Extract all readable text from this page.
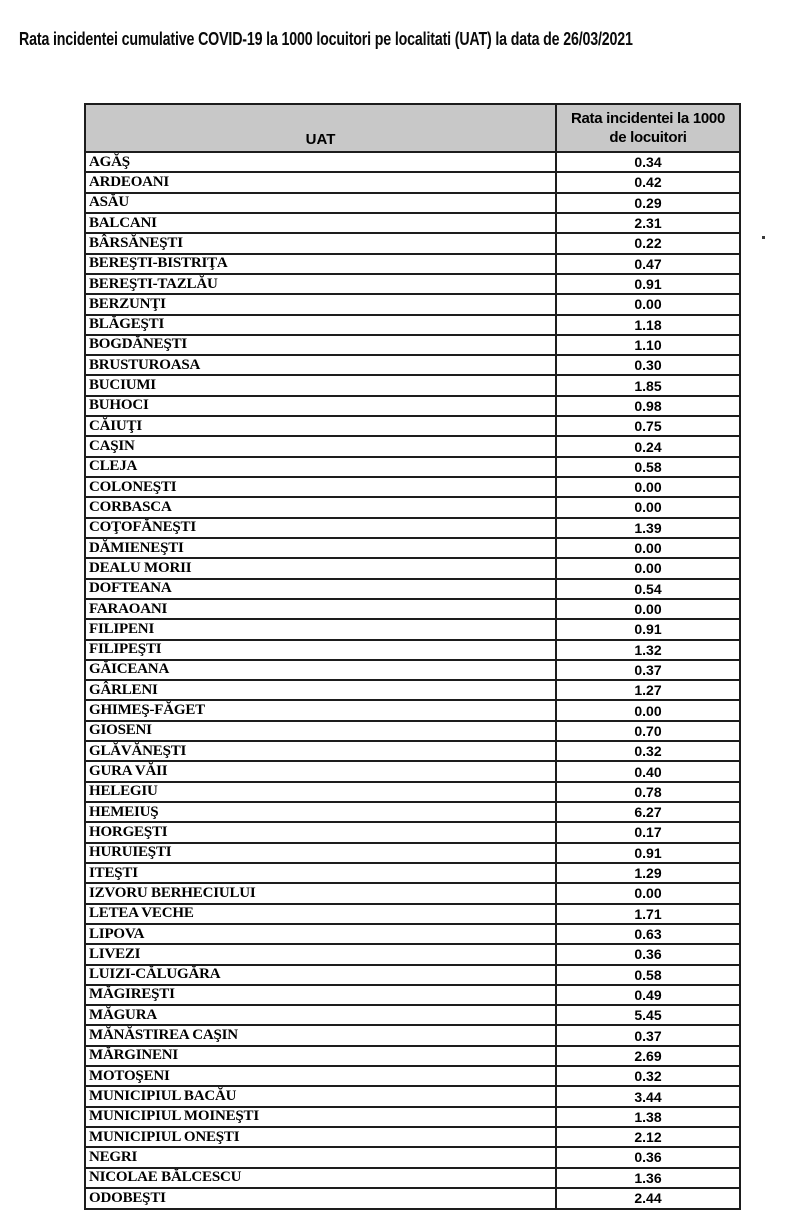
Rata incidentei cumulative COVID-19 la 1000 locuitori pe localitati (UAT) la data de 26/03/2021
UAT	Rata incidentei la 1000
de locuitori

AGĂŞ	0.34
ARDEOANI	0.42
ASĂU	0.29
BALCANI	2.31
BÂRSĂNEŞTI	0.22
BEREŞTI-BISTRIŢA	0.47
BEREŞTI-TAZLĂU	0.91
BERZUNŢI	0.00
BLĂGEŞTI	1.18
BOGDĂNEŞTI	1.10
BRUSTUROASA	0.30
BUCIUMI	1.85
BUHOCI	0.98
CĂIUŢI	0.75
CAŞIN	0.24
CLEJA	0.58
COLONEŞTI	0.00
CORBASCA	0.00
COŢOFĂNEŞTI	1.39
DĂMIENEŞTI	0.00
DEALU MORII	0.00
DOFTEANA	0.54
FARAOANI	0.00
FILIPENI	0.91
FILIPEŞTI	1.32
GĂICEANA	0.37
GÂRLENI	1.27
GHIMEŞ-FĂGET	0.00
GIOSENI	0.70
GLĂVĂNEŞTI	0.32
GURA VĂII	0.40
HELEGIU	0.78
HEMEIUŞ	6.27
HORGEŞTI	0.17
HURUIEŞTI	0.91
ITEŞTI	1.29
IZVORU BERHECIULUI	0.00
LETEA VECHE	1.71
LIPOVA	0.63
LIVEZI	0.36
LUIZI-CĂLUGĂRA	0.58
MĂGIREŞTI	0.49
MĂGURA	5.45
MĂNĂSTIREA CAŞIN	0.37
MĂRGINENI	2.69
MOTOŞENI	0.32
MUNICIPIUL BACĂU	3.44
MUNICIPIUL MOINEŞTI	1.38
MUNICIPIUL ONEŞTI	2.12
NEGRI	0.36
NICOLAE BĂLCESCU	1.36
ODOBEŞTI	2.44
